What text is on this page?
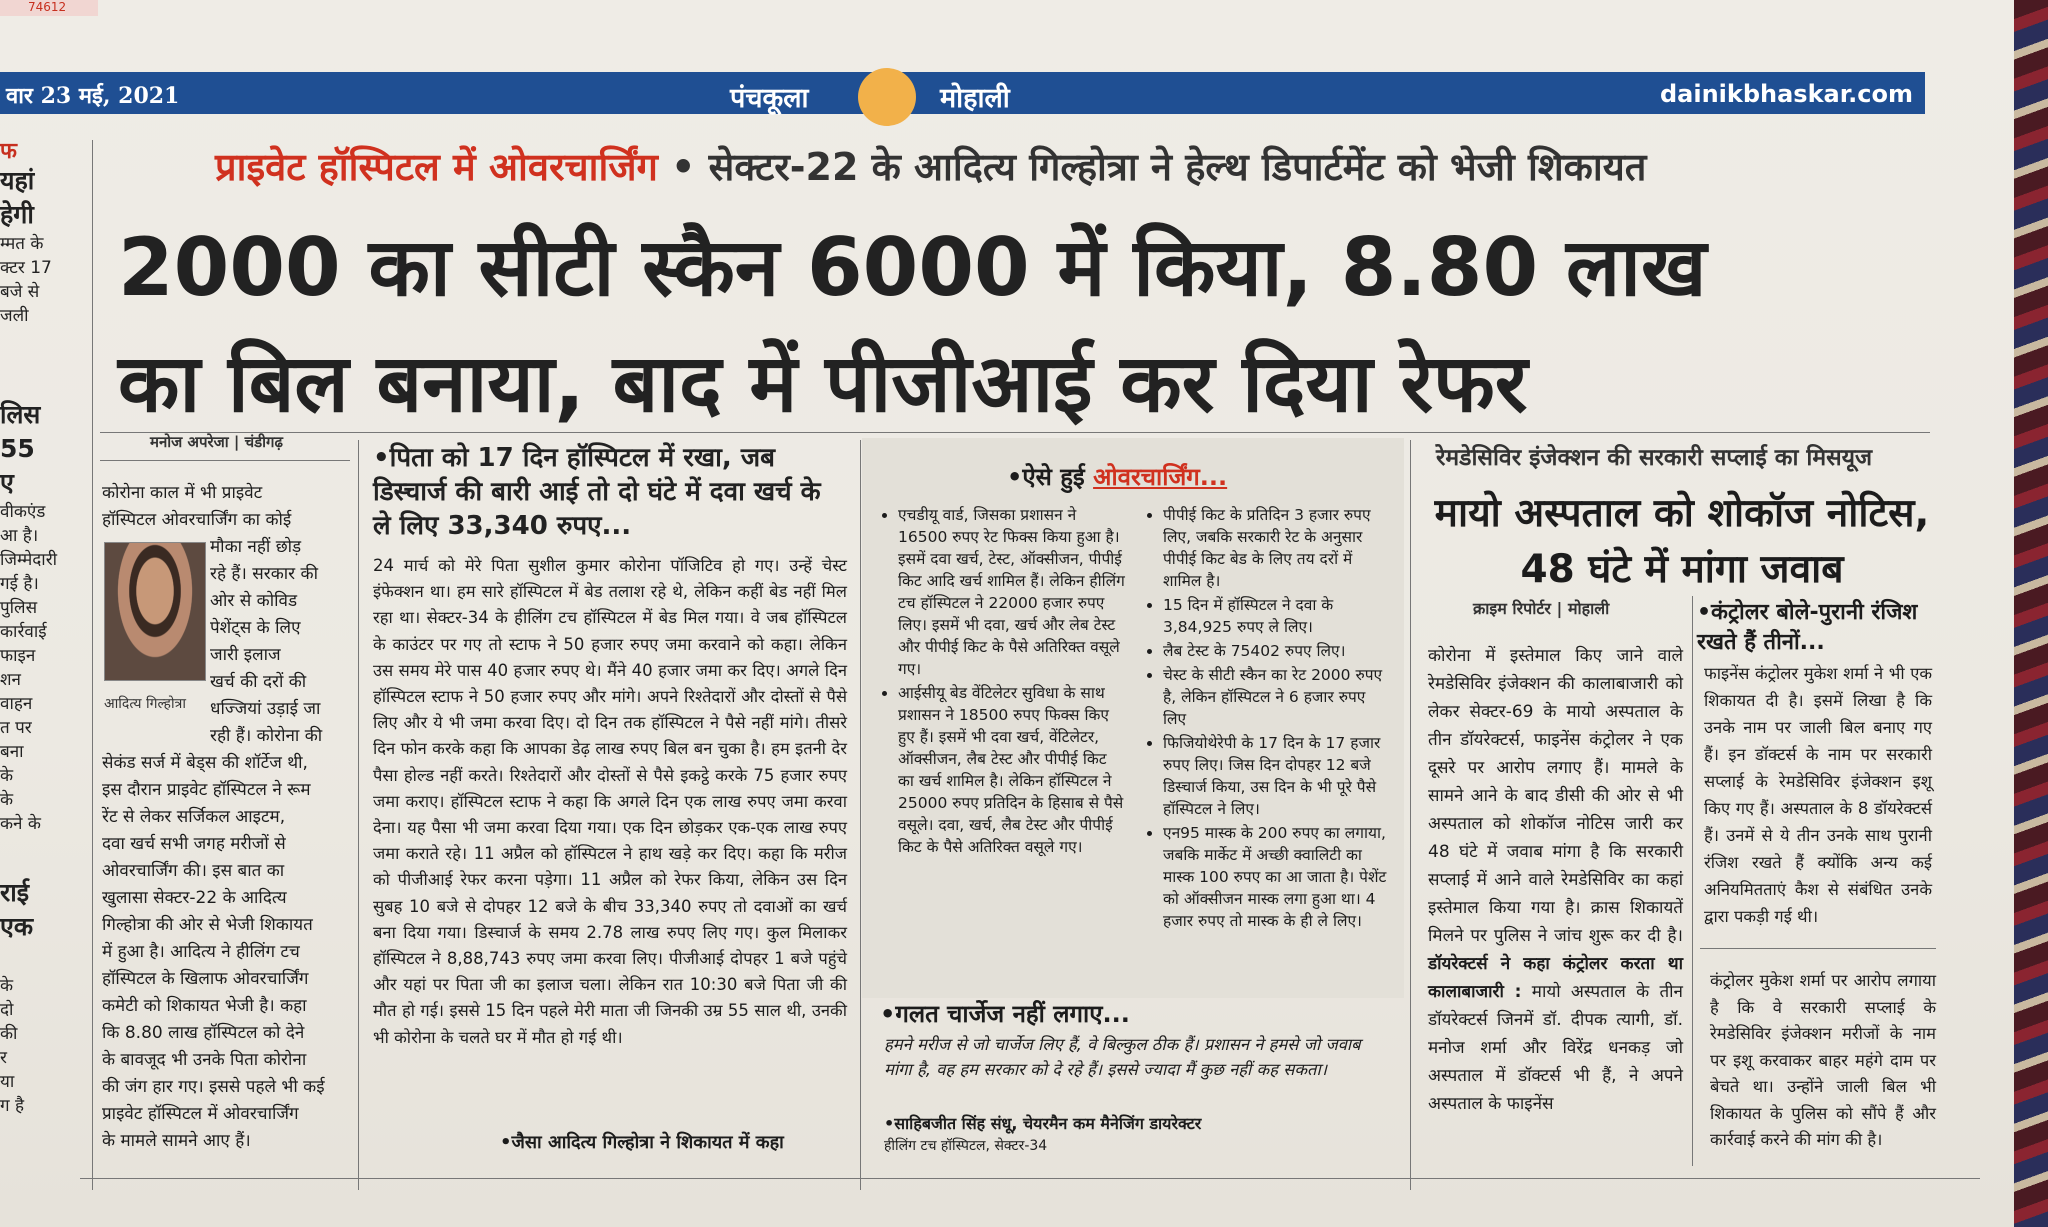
74612
वार 23 मई, 2021	पंचकूला	मोहाली	dainikbhaskar.com
फ
यहां
हेगी
म्मत के
क्टर 17
बजे से
जली
लिस
55
ए
वीकएंड
आ है।
जिम्मेदारी
गई है।
पुलिस
कार्रवाई
फाइन
शन
वाहन
त पर
बना
के
के
कने के
राई
एक
के
दो
की
र
या
ग है
प्राइवेट हॉस्पिटल में ओवरचार्जिंग • सेक्टर-22 के आदित्य गिल्होत्रा ने हेल्थ डिपार्टमेंट को भेजी शिकायत
2000 का सीटी स्कैन 6000 में किया, 8.80 लाख
का बिल बनाया, बाद में पीजीआई कर दिया रेफर
मनोज अपरेजा | चंडीगढ़
आदित्य गिल्होत्रा
कोरोना काल में भी प्राइवेट
हॉस्पिटल ओवरचार्जिंग का कोई
मौका नहीं छोड़
रहे हैं। सरकार की
ओर से कोविड
पेशेंट्स के लिए
जारी इलाज
खर्च की दरों की
धज्जियां उड़ाई जा
रही हैं। कोरोना की
सेकंड सर्ज में बेड्स की शॉर्टेज थी,
इस दौरान प्राइवेट हॉस्पिटल ने रूम
रेंट से लेकर सर्जिकल आइटम,
दवा खर्च सभी जगह मरीजों से
ओवरचार्जिंग की। इस बात का
खुलासा सेक्टर-22 के आदित्य
गिल्होत्रा की ओर से भेजी शिकायत
में हुआ है। आदित्य ने हीलिंग टच
हॉस्पिटल के खिलाफ ओवरचार्जिंग
कमेटी को शिकायत भेजी है। कहा
कि 8.80 लाख हॉस्पिटल को देने
के बावजूद भी उनके पिता कोरोना
की जंग हार गए। इससे पहले भी कई
प्राइवेट हॉस्पिटल में ओवरचार्जिंग
के मामले सामने आए हैं।
•पिता को 17 दिन हॉस्पिटल में रखा, जब डिस्चार्ज की बारी आई तो दो घंटे में दवा खर्च के ले लिए 33,340 रुपए...

24 मार्च को मेरे पिता सुशील कुमार कोरोना पॉजिटिव हो गए। उन्हें चेस्ट इंफेक्शन था। हम सारे हॉस्पिटल में बेड तलाश रहे थे, लेकिन कहीं बेड नहीं मिल रहा था। सेक्टर-34 के हीलिंग टच हॉस्पिटल में बेड मिल गया। वे जब हॉस्पिटल के काउंटर पर गए तो स्टाफ ने 50 हजार रुपए जमा करवाने को कहा। लेकिन उस समय मेरे पास 40 हजार रुपए थे। मैंने 40 हजार जमा कर दिए। अगले दिन हॉस्पिटल स्टाफ ने 50 हजार रुपए और मांगे। अपने रिश्तेदारों और दोस्तों से पैसे लिए और ये भी जमा करवा दिए। दो दिन तक हॉस्पिटल ने पैसे नहीं मांगे। तीसरे दिन फोन करके कहा कि आपका डेढ़ लाख रुपए बिल बन चुका है। हम इतनी देर पैसा होल्ड नहीं करते। रिश्तेदारों और दोस्तों से पैसे इकट्ठे करके 75 हजार रुपए जमा कराए। हॉस्पिटल स्टाफ ने कहा कि अगले दिन एक लाख रुपए जमा करवा देना। यह पैसा भी जमा करवा दिया गया। एक दिन छोड़कर एक-एक लाख रुपए जमा कराते रहे। 11 अप्रैल को हॉस्पिटल ने हाथ खड़े कर दिए। कहा कि मरीज को पीजीआई रेफर करना पड़ेगा। 11 अप्रैल को रेफर किया, लेकिन उस दिन सुबह 10 बजे से दोपहर 12 बजे के बीच 33,340 रुपए तो दवाओं का खर्च बना दिया गया। डिस्चार्ज के समय 2.78 लाख रुपए लिए गए। कुल मिलाकर हॉस्पिटल ने 8,88,743 रुपए जमा करवा लिए। पीजीआई दोपहर 1 बजे पहुंचे और यहां पर पिता जी का इलाज चला। लेकिन रात 10:30 बजे पिता जी की मौत हो गई। इससे 15 दिन पहले मेरी माता जी जिनकी उम्र 55 साल थी, उनकी भी कोरोना के चलते घर में मौत हो गई थी।

•जैसा आदित्य गिल्होत्रा ने शिकायत में कहा
•ऐसे हुई ओवरचार्जिंग...
• एचडीयू वार्ड, जिसका प्रशासन ने 16500 रुपए रेट फिक्स किया हुआ है। इसमें दवा खर्च, टेस्ट, ऑक्सीजन, पीपीई किट आदि खर्च शामिल हैं। लेकिन हीलिंग टच हॉस्पिटल ने 22000 हजार रुपए लिए। इसमें भी दवा, खर्च और लेब टेस्ट और पीपीई किट के पैसे अतिरिक्त वसूले गए।
• आईसीयू बेड वेंटिलेटर सुविधा के साथ प्रशासन ने 18500 रुपए फिक्स किए हुए हैं। इसमें भी दवा खर्च, वेंटिलेटर, ऑक्सीजन, लैब टेस्ट और पीपीई किट का खर्च शामिल है। लेकिन हॉस्पिटल ने 25000 रुपए प्रतिदिन के हिसाब से पैसे वसूले। दवा, खर्च, लैब टेस्ट और पीपीई किट के पैसे अतिरिक्त वसूले गए।
• पीपीई किट के प्रतिदिन 3 हजार रुपए लिए, जबकि सरकारी रेट के अनुसार पीपीई किट बेड के लिए तय दरों में शामिल है।
• 15 दिन में हॉस्पिटल ने दवा के 3,84,925 रुपए ले लिए।
• लैब टेस्ट के 75402 रुपए लिए।
• चेस्ट के सीटी स्कैन का रेट 2000 रुपए है, लेकिन हॉस्पिटल ने 6 हजार रुपए लिए
• फिजियोथेरेपी के 17 दिन के 17 हजार रुपए लिए। जिस दिन दोपहर 12 बजे डिस्चार्ज किया, उस दिन के भी पूरे पैसे हॉस्पिटल ने लिए।
• एन95 मास्क के 200 रुपए का लगाया, जबकि मार्केट में अच्छी क्वालिटी का मास्क 100 रुपए का आ जाता है। पेशेंट को ऑक्सीजन मास्क लगा हुआ था। 4 हजार रुपए तो मास्क के ही ले लिए।
•गलत चार्जेज नहीं लगाए...
हमने मरीज से जो चार्जेज लिए हैं, वे बिल्कुल ठीक हैं। प्रशासन ने हमसे जो जवाब मांगा है, वह हम सरकार को दे रहे हैं। इससे ज्यादा मैं कुछ नहीं कह सकता।
•साहिबजीत सिंह संधू, चेयरमैन कम मैनेजिंग डायरेक्टर
हीलिंग टच हॉस्पिटल, सेक्टर-34
रेमडेसिविर इंजेक्शन की सरकारी सप्लाई का मिसयूज
मायो अस्पताल को शोकॉज नोटिस, 48 घंटे में मांगा जवाब
क्राइम रिपोर्टर | मोहाली
कोरोना में इस्तेमाल किए जाने वाले रेमडेसिविर इंजेक्शन की कालाबाजारी को लेकर सेक्टर-69 के मायो अस्पताल के तीन डॉयरेक्टर्स, फाइनेंस कंट्रोलर ने एक दूसरे पर आरोप लगाए हैं। मामले के सामने आने के बाद डीसी की ओर से भी अस्पताल को शोकॉज नोटिस जारी कर 48 घंटे में जवाब मांगा है कि सरकारी सप्लाई में आने वाले रेमडेसिविर का कहां इस्तेमाल किया गया है। क्रास शिकायतें मिलने पर पुलिस ने जांच शुरू कर दी है। डॉयरेक्टर्स ने कहा कंट्रोलर करता था कालाबाजारी : मायो अस्पताल के तीन डॉयरेक्टर्स जिनमें डॉ. दीपक त्यागी, डॉ. मनोज शर्मा और विरेंद्र धनकड़ जो अस्पताल में डॉक्टर्स भी हैं, ने अपने अस्पताल के फाइनेंस
•कंट्रोलर बोले-पुरानी रंजिश रखते हैं तीनों...
फाइनेंस कंट्रोलर मुकेश शर्मा ने भी एक शिकायत दी है। इसमें लिखा है कि उनके नाम पर जाली बिल बनाए गए हैं। इन डॉक्टर्स के नाम पर सरकारी सप्लाई के रेमडेसिविर इंजेक्शन इशू किए गए हैं। अस्पताल के 8 डॉयरेक्टर्स हैं। उनमें से ये तीन उनके साथ पुरानी रंजिश रखते हैं क्योंकि अन्य कई अनियमितताएं कैश से संबंधित उनके द्वारा पकड़ी गई थी।
कंट्रोलर मुकेश शर्मा पर आरोप लगाया है कि वे सरकारी सप्लाई के रेमडेसिविर इंजेक्शन मरीजों के नाम पर इशू करवाकर बाहर महंगे दाम पर बेचते था। उन्होंने जाली बिल भी शिकायत के पुलिस को सौंपे हैं और कार्रवाई करने की मांग की है।
